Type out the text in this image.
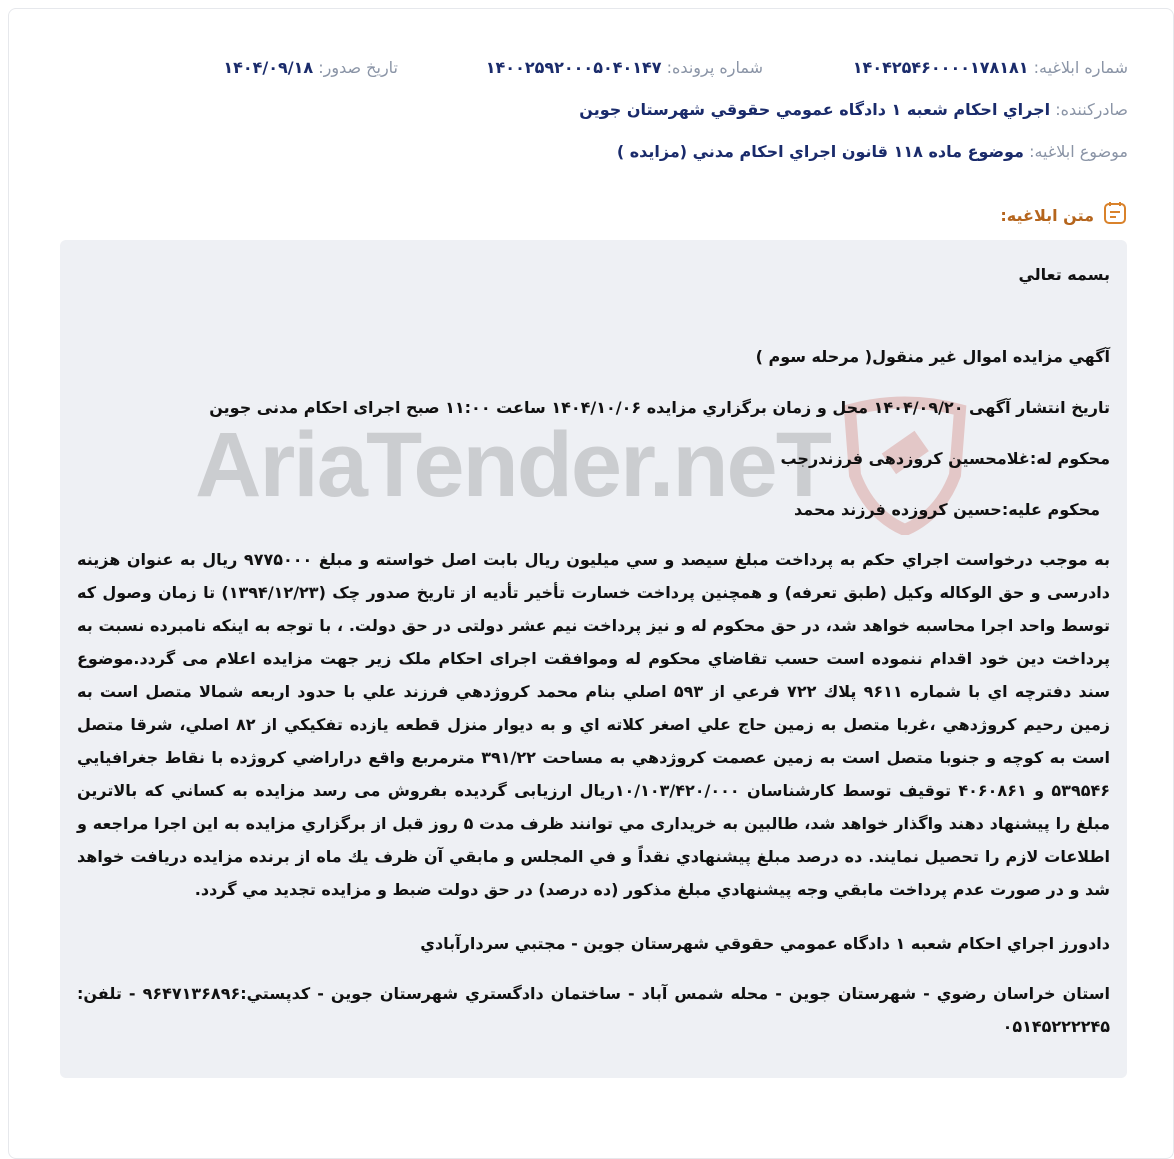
شماره ابلاغيه: ۱۴۰۴۲۵۴۶۰۰۰۰۱۷۸۱۸۱
شماره پرونده: ۱۴۰۰۲۵۹۲۰۰۰۵۰۴۰۱۴۷
تاريخ صدور: ۱۴۰۴/۰۹/۱۸
صادرکننده: اجراي احکام شعبه ۱ دادگاه عمومي حقوقي شهرستان جوين
موضوع ابلاغيه: موضوع ماده ۱۱۸ قانون اجراي احکام مدني (مزايده )
متن ابلاغيه:
AriaTender.neT

بسمه تعالي

آگهي مزايده اموال غير منقول( مرحله سوم )

تاريخ انتشار آگهی ۱۴۰۴/۰۹/۲۰ محل و زمان برگزاري مزايده ۱۴۰۴/۱۰/۰۶ ساعت ۱۱:۰۰ صبح اجرای احکام مدنی جوین

محکوم له:غلامحسین کروزدهی فرزندرجب

محکوم علیه:حسین کروزده فرزند محمد

به موجب درخواست اجراي حکم به پرداخت مبلغ سيصد و سي ميليون ريال بابت اصل خواسته و مبلغ ۹۷۷۵۰۰۰ ريال به عنوان هزينه دادرسی و حق الوکاله وکيل (طبق تعرفه) و همچنين پرداخت خسارت تأخير تأديه از تاريخ صدور چک (۱۳۹۴/۱۲/۲۳) تا زمان وصول که توسط واحد اجرا محاسبه خواهد شد، در حق محکوم له و نيز پرداخت نيم عشر دولتی در حق دولت. ، با توجه به اينکه نامبرده نسبت به پرداخت دين خود اقدام ننموده است حسب تقاضاي محکوم له وموافقت اجرای احکام ملک زير جهت مزايده اعلام می گردد.موضوع سند دفترچه اي با شماره ۹۶۱۱ پلاك ۷۲۲ فرعي از ۵۹۳ اصلي بنام محمد كروژدهي فرزند علي با حدود اربعه شمالا متصل است به زمين رحيم كروژدهي ،غربا متصل به زمين حاج علي اصغر كلاته اي و به ديوار منزل قطعه يازده تفكيكي از ۸۲ اصلي، شرقا متصل است به كوچه و جنوبا متصل است به زمين عصمت كروژدهي به مساحت ۳۹۱/۲۲ مترمربع واقع دراراضي كروژده با نقاط جغرافيايي ۵۳۹۵۴۶ و ۴۰۶۰۸۶۱ توقيف توسط كارشناسان ۱۰/۱۰۳/۴۲۰/۰۰۰ريال ارزيابی گرديده بفروش می رسد مزايده به کساني که بالاترين مبلغ را پيشنهاد دهند واگذار خواهد شد، طالبين به خريداری مي توانند ظرف مدت ۵ روز قبل از برگزاري مزايده به اين اجرا مراجعه و اطلاعات لازم را تحصيل نمايند. ده درصد مبلغ پيشنهادي نقداً و في المجلس و مابقي آن ظرف يك ماه از برنده مزايده دريافت خواهد شد و در صورت عدم پرداخت مابقي وجه پيشنهادي مبلغ مذكور (ده درصد) در حق دولت ضبط و مزايده تجديد مي گردد.

دادورز اجراي احکام شعبه ۱ دادگاه عمومي حقوقي شهرستان جوين - مجتبي سردارآبادي

استان خراسان رضوي - شهرستان جوين - محله شمس آباد - ساختمان دادگستري شهرستان جوين - کدپستي:۹۶۴۷۱۳۶۸۹۶ - تلفن: ۰۵۱۴۵۲۲۲۲۴۵
